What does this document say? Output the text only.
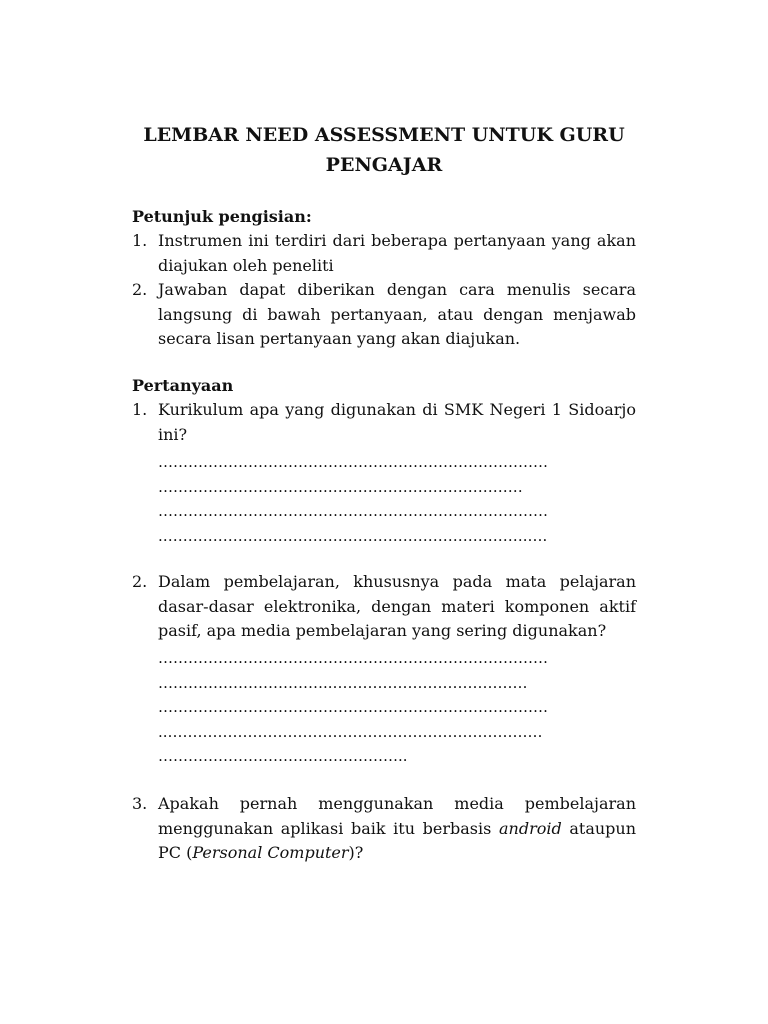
LEMBAR NEED ASSESSMENT UNTUK GURU
PENGAJAR
Petunjuk pengisian:
1. Instrumen ini terdiri dari beberapa pertanyaan yang akan diajukan oleh peneliti
2. Jawaban dapat diberikan dengan cara menulis secara langsung di bawah pertanyaan, atau dengan menjawab secara lisan pertanyaan yang akan diajukan.
Pertanyaan
1. Kurikulum apa yang digunakan di SMK Negeri 1 Sidoarjo ini?
……………………………………………………………………
…………………………….…………………………………
……………………………………………………………………
.……………………………………………………………….….
2. Dalam pembelajaran, khususnya pada mata pelajaran dasar-dasar elektronika, dengan materi komponen aktif pasif, apa media pembelajaran yang sering digunakan?
……………………………………………………………………
……………………………..…………………………………
……………………………………………………………………
..…………………………………………………………………
…………………………………………..
3. Apakah pernah menggunakan media pembelajaran menggunakan aplikasi baik itu berbasis android ataupun PC (Personal Computer)?
